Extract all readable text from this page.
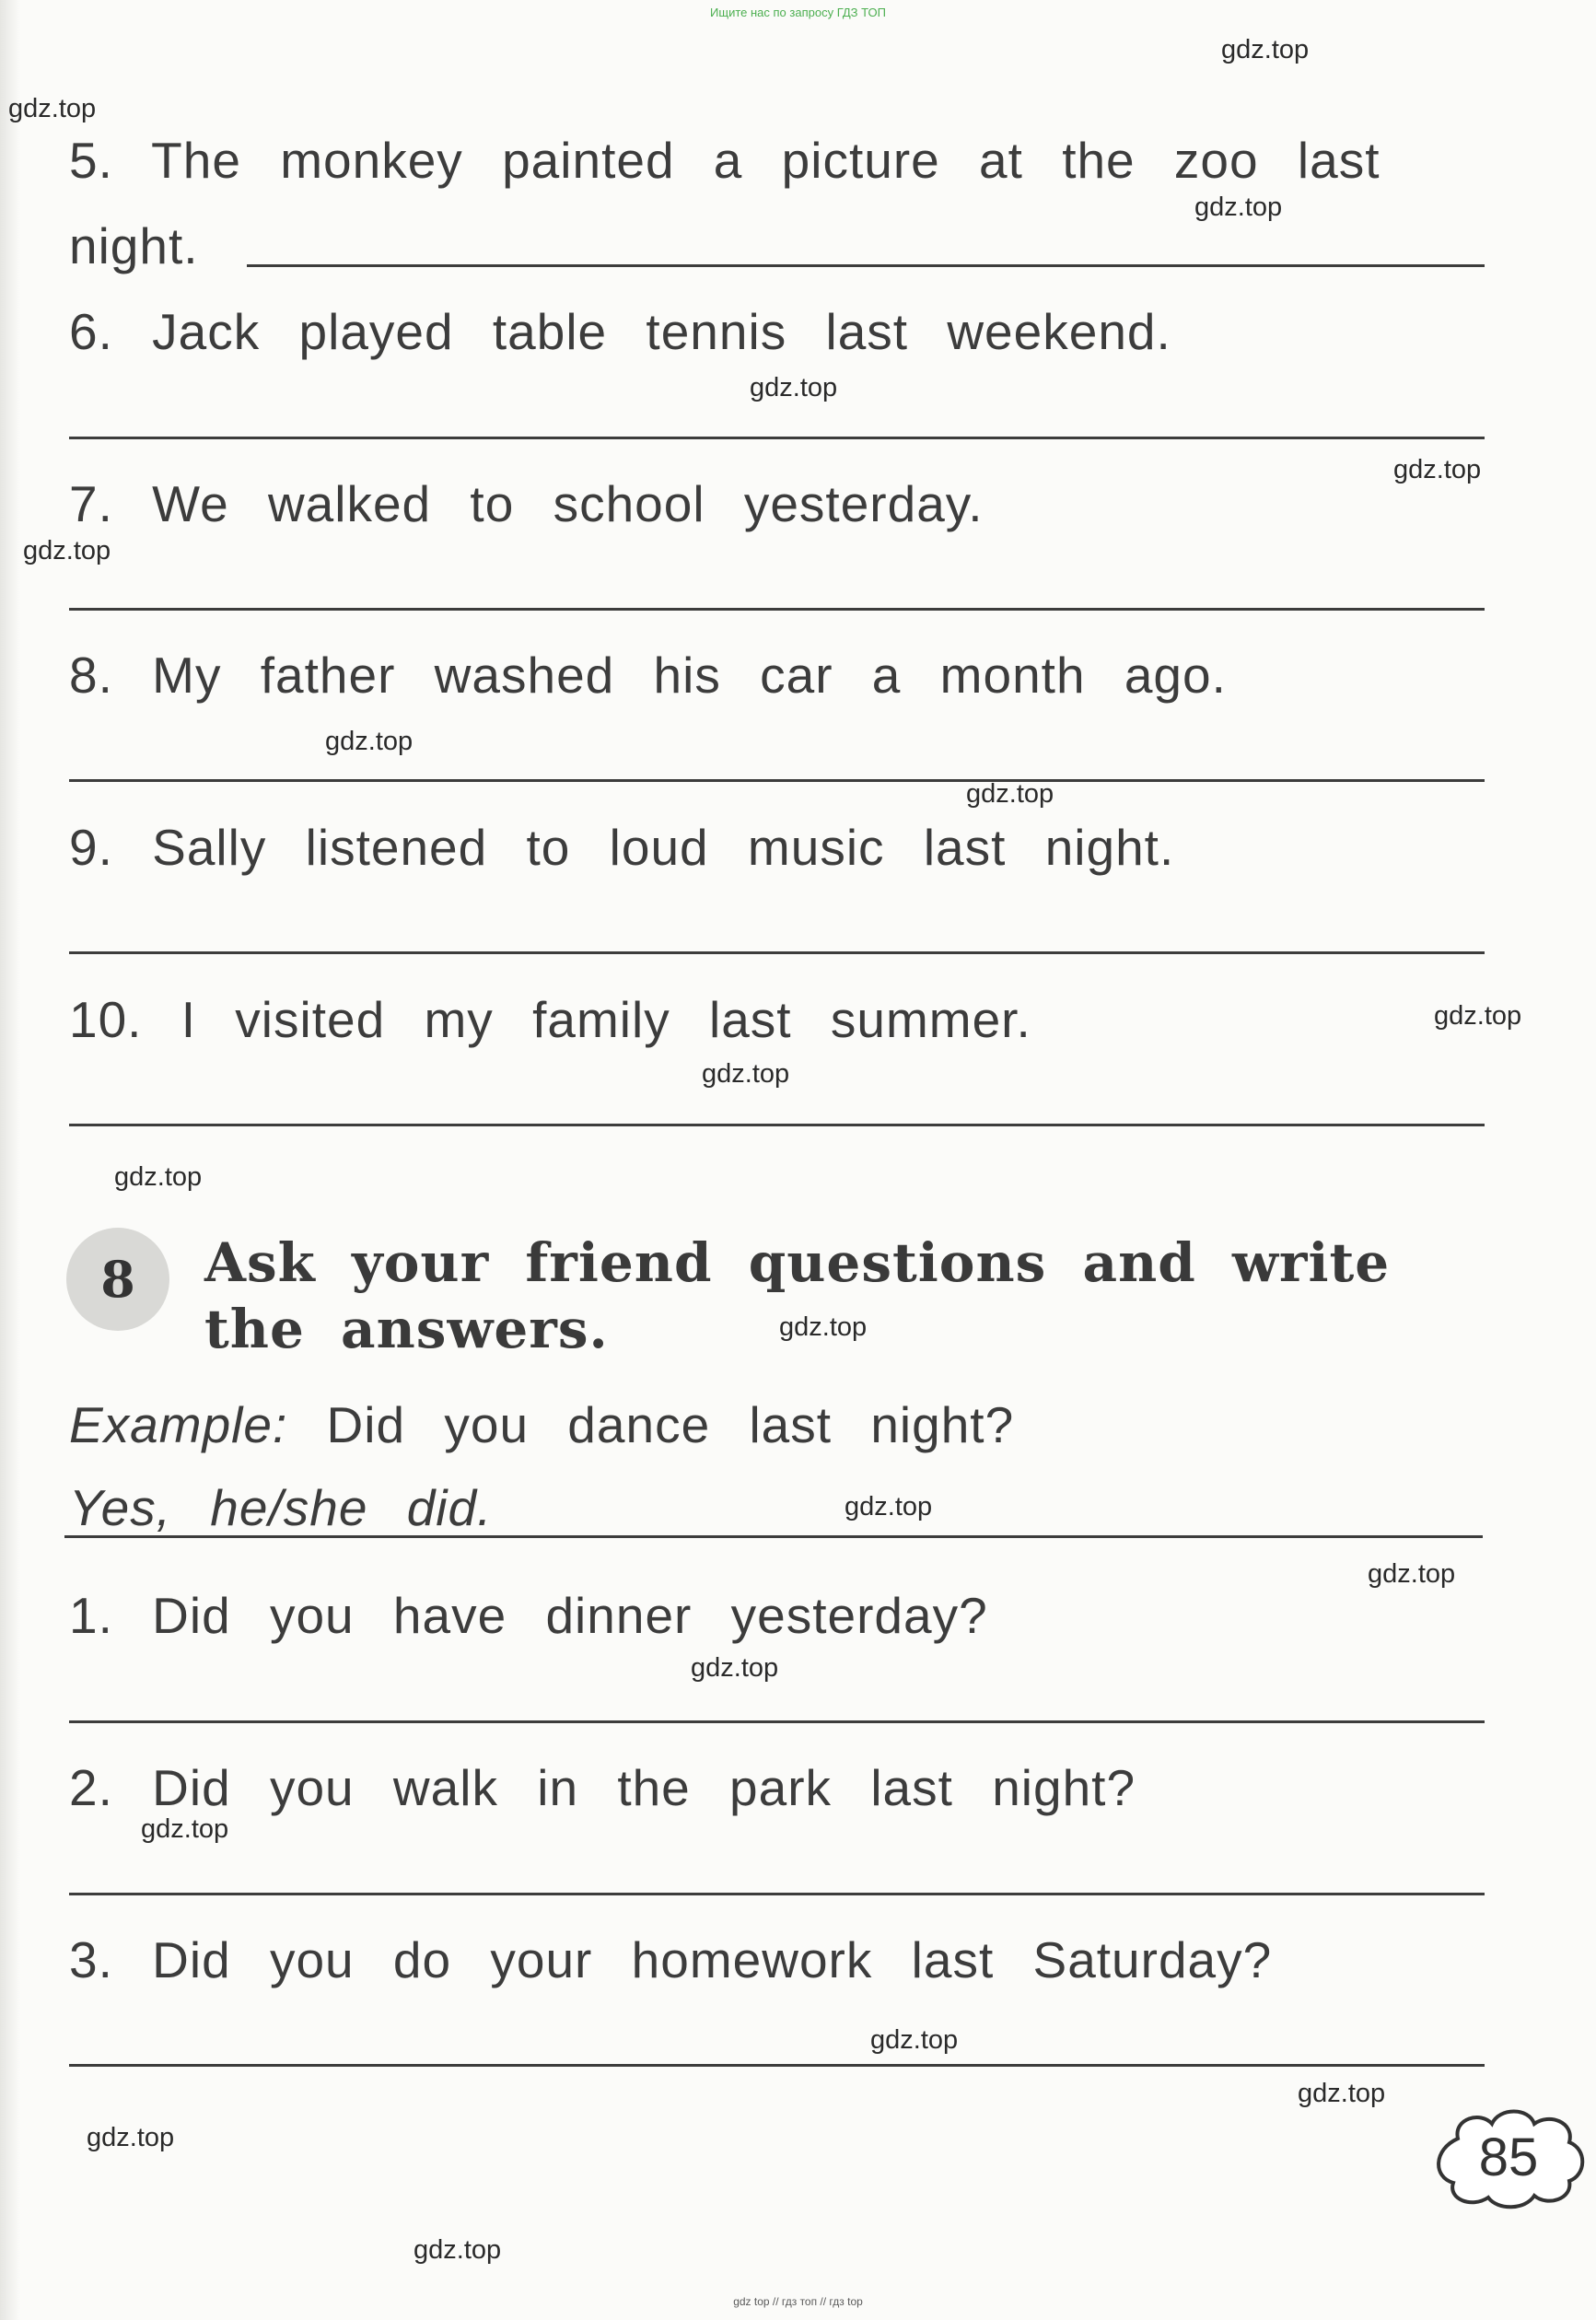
Ищите нас по запросу ГДЗ ТОП
5. The monkey painted a picture at the zoo last
night.
6. Jack played table tennis last weekend.
7. We walked to school yesterday.
8. My father washed his car a month ago.
9. Sally listened to loud music last night.
10. I visited my family last summer.
8 Ask your friend questions and write the answers.
Example: Did you dance last night?
Yes, he/she did.
1. Did you have dinner yesterday?
2. Did you walk in the park last night?
3. Did you do your homework last Saturday?
85
gdz.top
gdz.top
gdz.top
gdz.top
gdz.top
gdz.top
gdz.top
gdz.top
gdz.top
gdz.top
gdz.top
gdz.top
gdz.top
gdz.top
gdz.top
gdz.top
gdz.top
gdz.top
gdz.top
gdz.top
gdz top // гдз топ // гдз top
